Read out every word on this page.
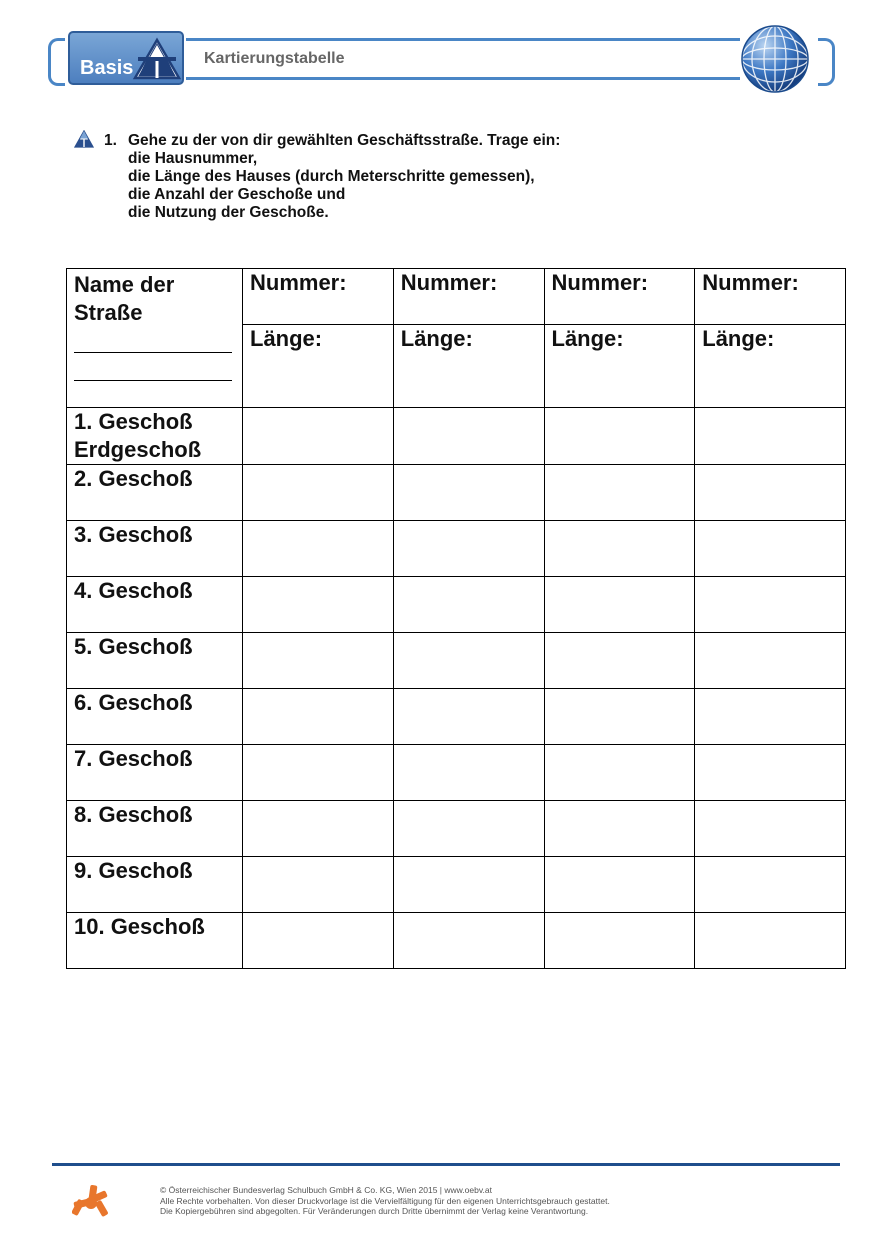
Basis	Kartierungstabelle
1. Gehe zu der von dir gewählten Geschäftsstraße. Trage ein:
die Hausnummer,
die Länge des Hauses (durch Meterschritte gemessen),
die Anzahl der Geschoße und
die Nutzung der Geschoße.
Name der
Straße	Nummer:	Nummer:	Nummer:	Nummer:
	Länge:	Länge:	Länge:	Länge:

1. Geschoß
Erdgeschoß				

2. Geschoß				
3. Geschoß				
4. Geschoß				
5. Geschoß				
6. Geschoß				
7. Geschoß				
8. Geschoß				
9. Geschoß				
10. Geschoß				
© Österreichischer Bundesverlag Schulbuch GmbH & Co. KG, Wien 2015 | www.oebv.at
Alle Rechte vorbehalten. Von dieser Druckvorlage ist die Vervielfältigung für den eigenen Unterrichtsgebrauch gestattet.
Die Kopiergebühren sind abgegolten. Für Veränderungen durch Dritte übernimmt der Verlag keine Verantwortung.
